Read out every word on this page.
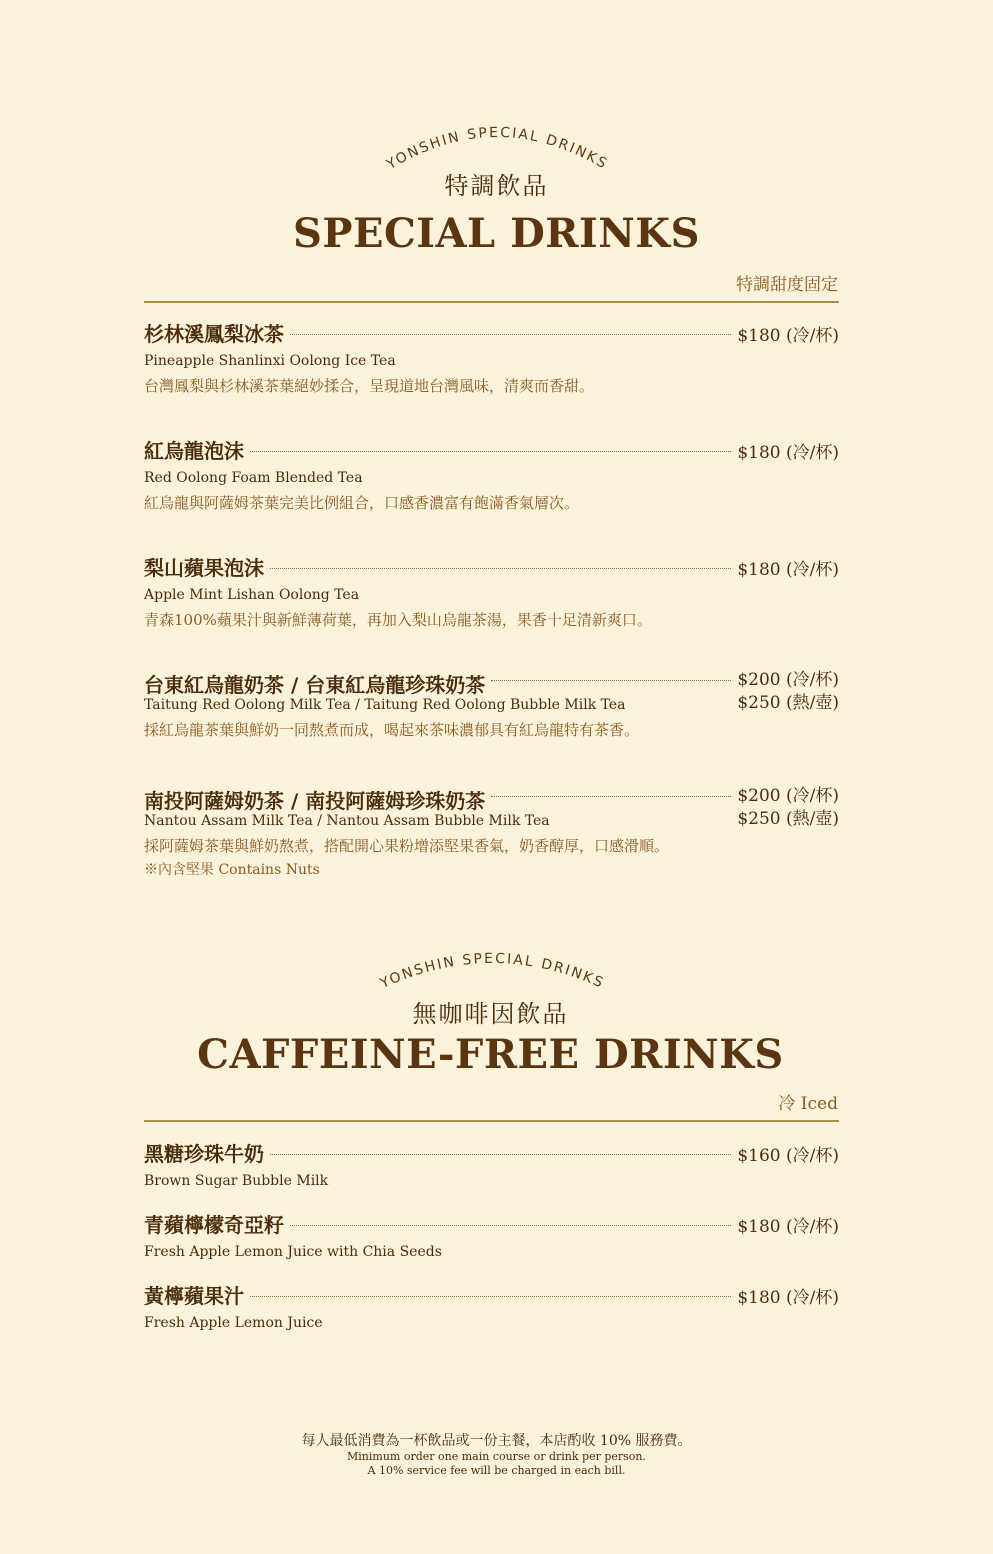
YONSHIN SPECIAL DRINKS
特調飲品
SPECIAL DRINKS
特調甜度固定
杉林溪鳳梨冰茶	$180 (冷/杯)
Pineapple Shanlinxi Oolong Ice Tea
台灣鳳梨與杉林溪茶葉絕妙揉合，呈現道地台灣風味，清爽而香甜。
紅烏龍泡沫	$180 (冷/杯)
Red Oolong Foam Blended Tea
紅烏龍與阿薩姆茶葉完美比例組合，口感香濃富有飽滿香氣層次。
梨山蘋果泡沫	$180 (冷/杯)
Apple Mint Lishan Oolong Tea
青森100%蘋果汁與新鮮薄荷葉，再加入梨山烏龍茶湯，果香十足清新爽口。
台東紅烏龍奶茶 / 台東紅烏龍珍珠奶茶	$200 (冷/杯)
$250 (熱/壺)
Taitung Red Oolong Milk Tea / Taitung Red Oolong Bubble Milk Tea
採紅烏龍茶葉與鮮奶一同熬煮而成，喝起來茶味濃郁具有紅烏龍特有茶香。
南投阿薩姆奶茶 / 南投阿薩姆珍珠奶茶	$200 (冷/杯)
$250 (熱/壺)
Nantou Assam Milk Tea / Nantou Assam Bubble Milk Tea
採阿薩姆茶葉與鮮奶熬煮，搭配開心果粉增添堅果香氣，奶香醇厚，口感滑順。
※內含堅果 Contains Nuts
YONSHIN SPECIAL DRINKS
無咖啡因飲品
CAFFEINE-FREE DRINKS
冷 Iced
黑糖珍珠牛奶	$160 (冷/杯)
Brown Sugar Bubble Milk
青蘋檸檬奇亞籽	$180 (冷/杯)
Fresh Apple Lemon Juice with Chia Seeds
黃檸蘋果汁	$180 (冷/杯)
Fresh Apple Lemon Juice
每人最低消費為一杯飲品或一份主餐，本店酌收 10% 服務費。
Minimum order one main course or drink per person.
A 10% service fee will be charged in each bill.
